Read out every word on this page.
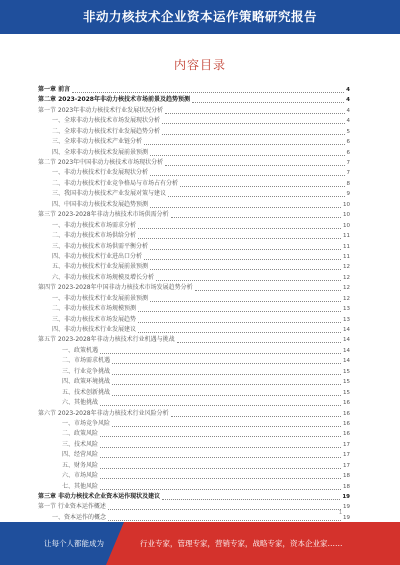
非动力核技术企业资本运作策略研究报告
内容目录
第一章 前言	4
第二章 2023-2028年非动力核技术市场前景及趋势预测	4
第一节 2023年非动力核技术行业发展状况分析	4
一、全球非动力核技术市场发展现状分析	4
二、全球非动力核技术行业发展趋势分析	5
三、全球非动力核技术产业链分析	6
四、全球非动力核技术发展前景预测	6
第二节 2023年中国非动力核技术市场现状分析	7
一、非动力核技术行业发展现状分析	7
二、非动力核技术行业竞争格局与市场占有分析	8
三、我国非动力核技术产业发展对策与建议	9
四、中国非动力核技术发展趋势预测	10
第三节 2023-2028年非动力核技术市场供需分析	10
一、非动力核技术市场需求分析	10
二、非动力核技术市场供给分析	11
三、非动力核技术市场供需平衡分析	11
四、非动力核技术行业进出口分析	11
五、非动力核技术行业发展前景预测	12
六、非动力核技术市场规模及增长分析	12
第四节 2023-2028年中国非动力核技术市场发展趋势分析	12
一、非动力核技术行业发展前景预测	12
二、非动力核技术市场规模预测	13
三、非动力核技术市场发展趋势	13
四、非动力核技术行业发展建议	14
第五节 2023-2028年非动力核技术行业机遇与挑战	14
一、政策机遇	14
二、市场需求机遇	14
三、行业竞争挑战	15
四、政策环境挑战	15
五、技术创新挑战	15
六、其他挑战	16
第六节 2023-2028年非动力核技术行业风险分析	16
一、市场竞争风险	16
二、政策风险	16
三、技术风险	17
四、经营风险	17
五、财务风险	17
六、市场风险	18
七、其他风险	18
第三章 非动力核技术企业资本运作现状及建议	19
第一节 行业资本运作概述	19
一、资本运作的概念	19
1
让每个人都能成为	行业专家，管理专家，营销专家，战略专家，资本企业家……
